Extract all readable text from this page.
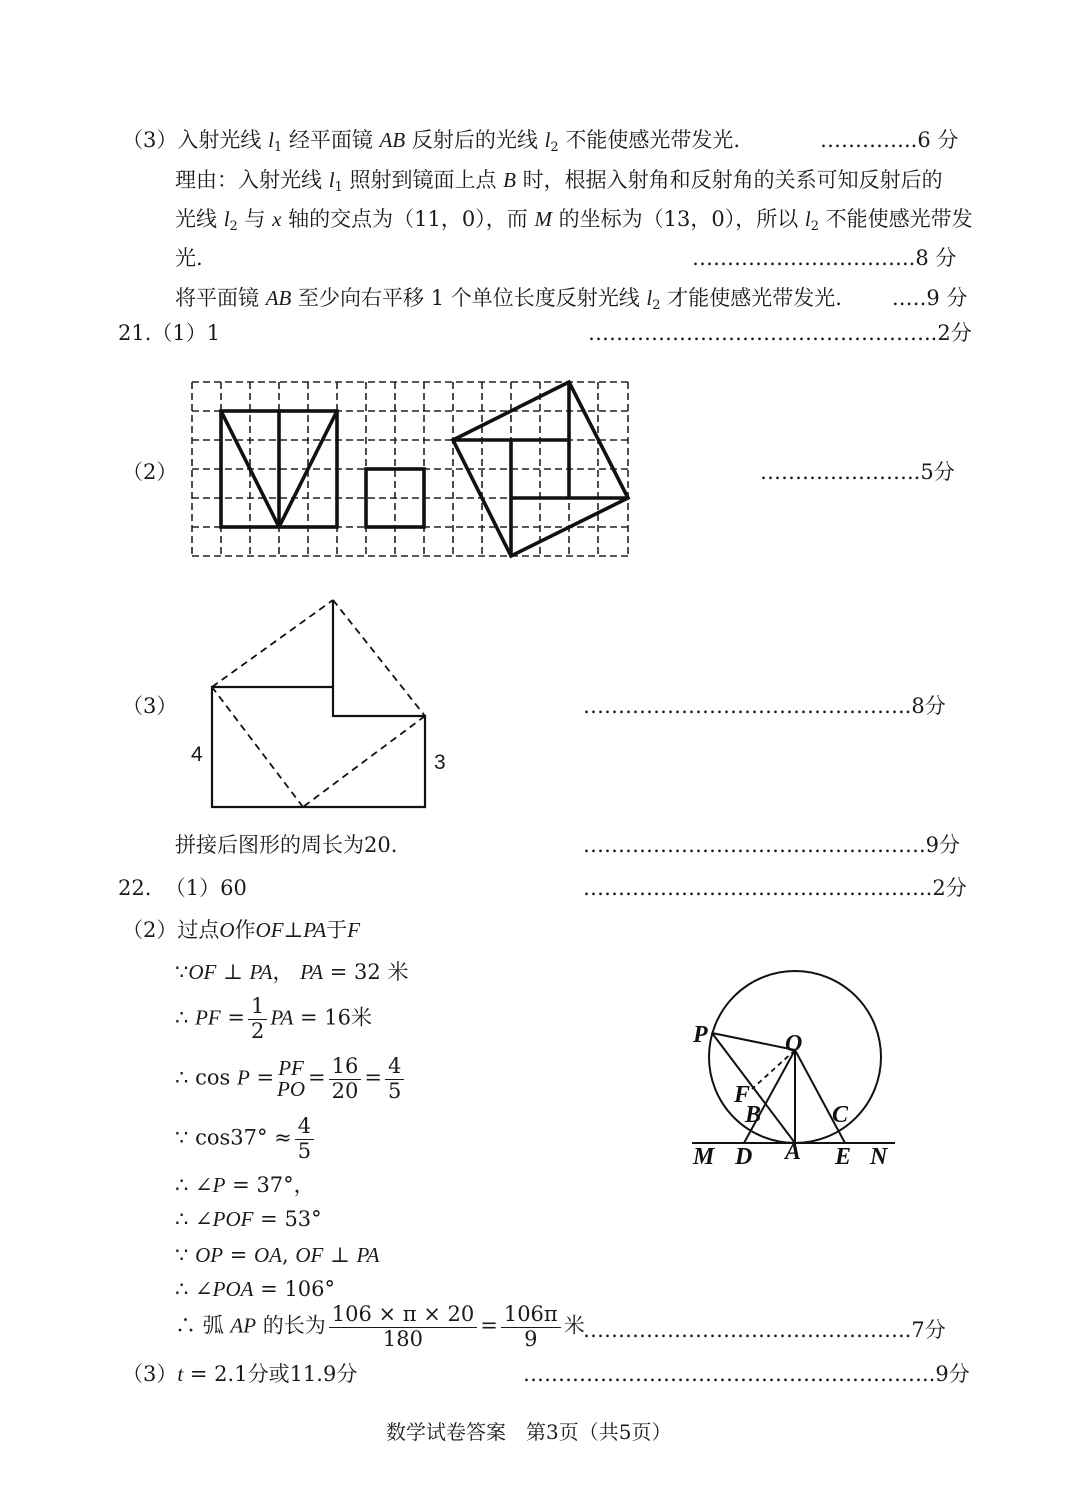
（3）入射光线 $l_1$ 经平面镜 AB 反射后的光线 $l_2$ 不能使感光带发光.	…………..6 分
理由：入射光线 $l_1$ 照射到镜面上点 B 时，根据入射角和反射角的关系可知反射后的
光线 $l_2$ 与 x 轴的交点为（11，0），而 M 的坐标为（13，0），所以 $l_2$ 不能使感光带发
光.	…………………………..8 分
将平面镜 AB 至少向右平移 1 个单位长度反射光线 $l_2$ 才能使感光带发光. .….9 分
21.（1）1	…………………………………………..2分
（2）	…………………..5分
（3）	………………………………………..8分
4	3
拼接后图形的周长为20.	………………………………………….9分
22. （1）60	…………………………………………..2分
（2）过点O作OF⊥PA于F
∵OF ⊥ PA， PA = 32 米
∴ PF = $\frac{1}{2}$ PA = 16米
∴ cos P = PF
PO = $\frac{16}{20} = \frac{4}{5}$
∵ $\cos 37^\circ \approx \frac{4}{5}$
∴ ∠P = 37°，
∴ ∠POF = 53°
∵ OP = OA, OF ⊥ PA
∴ ∠POA = 106°
∴ 弧 AP 的长为 $\frac{106 \times \pi \times 20}{180} = \frac{106\pi}{9}$ 米
………………………………………..7分
（3）t = 2.1分或11.9分	…………………………………………………..9分
P	O
F
B	C
M D A E N
数学试卷答案　第3页（共5页）
